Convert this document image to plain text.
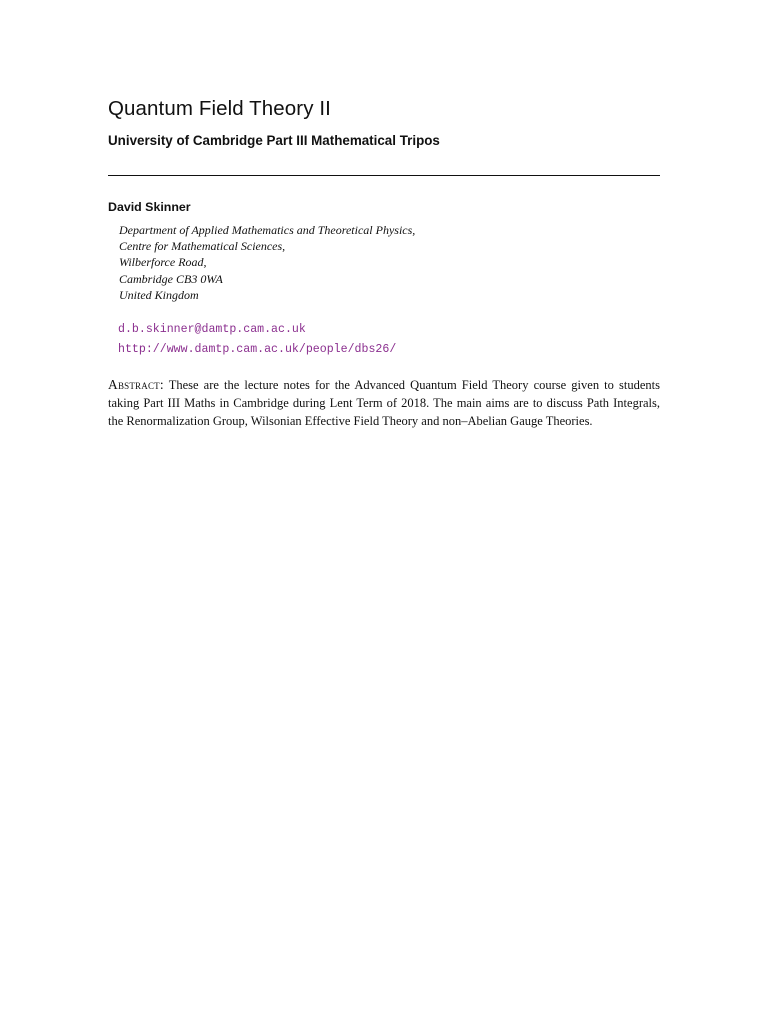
Quantum Field Theory II
University of Cambridge Part III Mathematical Tripos
David Skinner
Department of Applied Mathematics and Theoretical Physics,
Centre for Mathematical Sciences,
Wilberforce Road,
Cambridge CB3 0WA
United Kingdom
d.b.skinner@damtp.cam.ac.uk
http://www.damtp.cam.ac.uk/people/dbs26/

Abstract: These are the lecture notes for the Advanced Quantum Field Theory course given to students taking Part III Maths in Cambridge during Lent Term of 2018. The main aims are to discuss Path Integrals, the Renormalization Group, Wilsonian Effective Field Theory and non–Abelian Gauge Theories.
